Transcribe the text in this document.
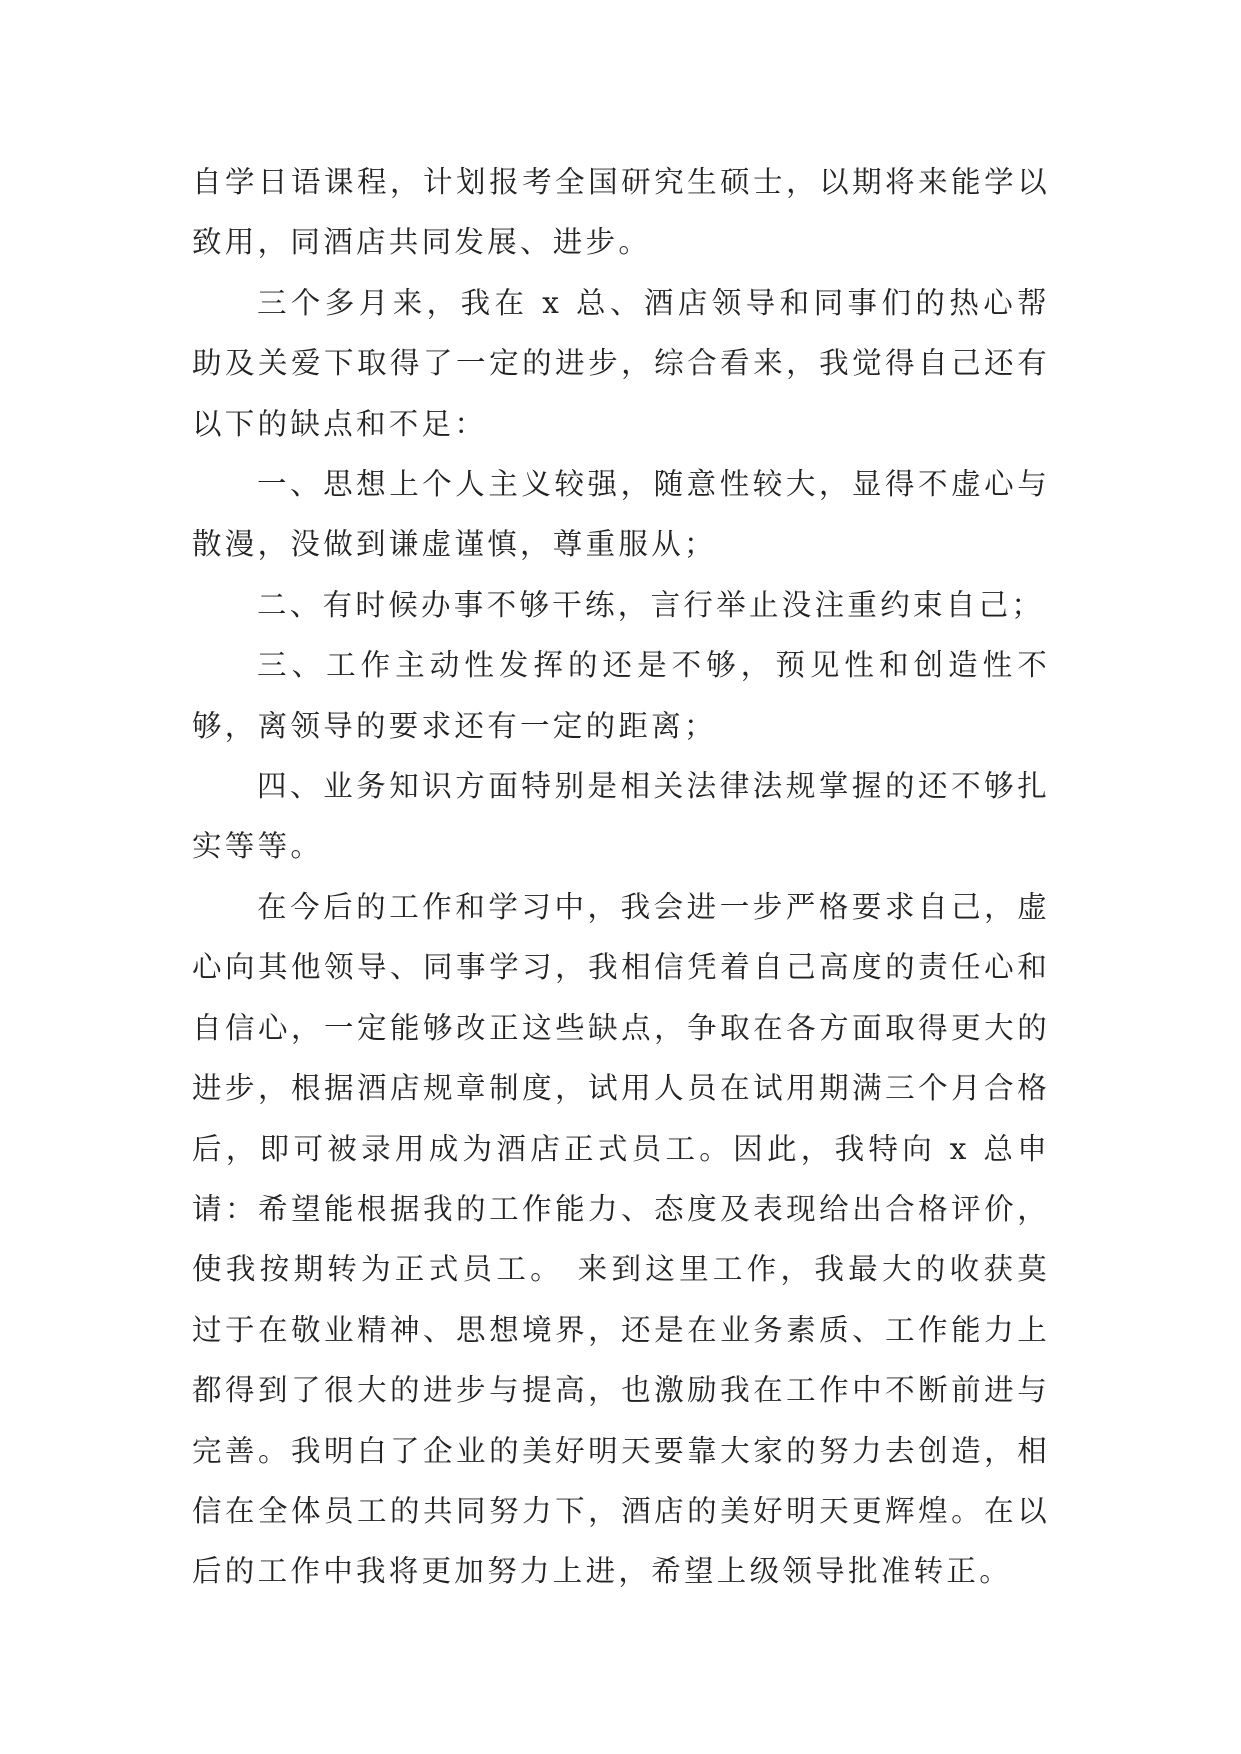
自学日语课程，计划报考全国研究生硕士，以期将来能学以致用，同酒店共同发展、进步。

三个多月来，我在 x 总、酒店领导和同事们的热心帮助及关爱下取得了一定的进步，综合看来，我觉得自己还有以下的缺点和不足：

一、思想上个人主义较强，随意性较大，显得不虚心与散漫，没做到谦虚谨慎，尊重服从；

二、有时候办事不够干练，言行举止没注重约束自己；

三、工作主动性发挥的还是不够，预见性和创造性不够，离领导的要求还有一定的距离；

四、业务知识方面特别是相关法律法规掌握的还不够扎实等等。

在今后的工作和学习中，我会进一步严格要求自己，虚心向其他领导、同事学习，我相信凭着自己高度的责任心和自信心，一定能够改正这些缺点，争取在各方面取得更大的进步，根据酒店规章制度，试用人员在试用期满三个月合格后，即可被录用成为酒店正式员工。因此，我特向 x 总申请：希望能根据我的工作能力、态度及表现给出合格评价，使我按期转为正式员工。 来到这里工作，我最大的收获莫过于在敬业精神、思想境界，还是在业务素质、工作能力上都得到了很大的进步与提高，也激励我在工作中不断前进与完善。我明白了企业的美好明天要靠大家的努力去创造，相信在全体员工的共同努力下，酒店的美好明天更辉煌。在以后的工作中我将更加努力上进，希望上级领导批准转正。
